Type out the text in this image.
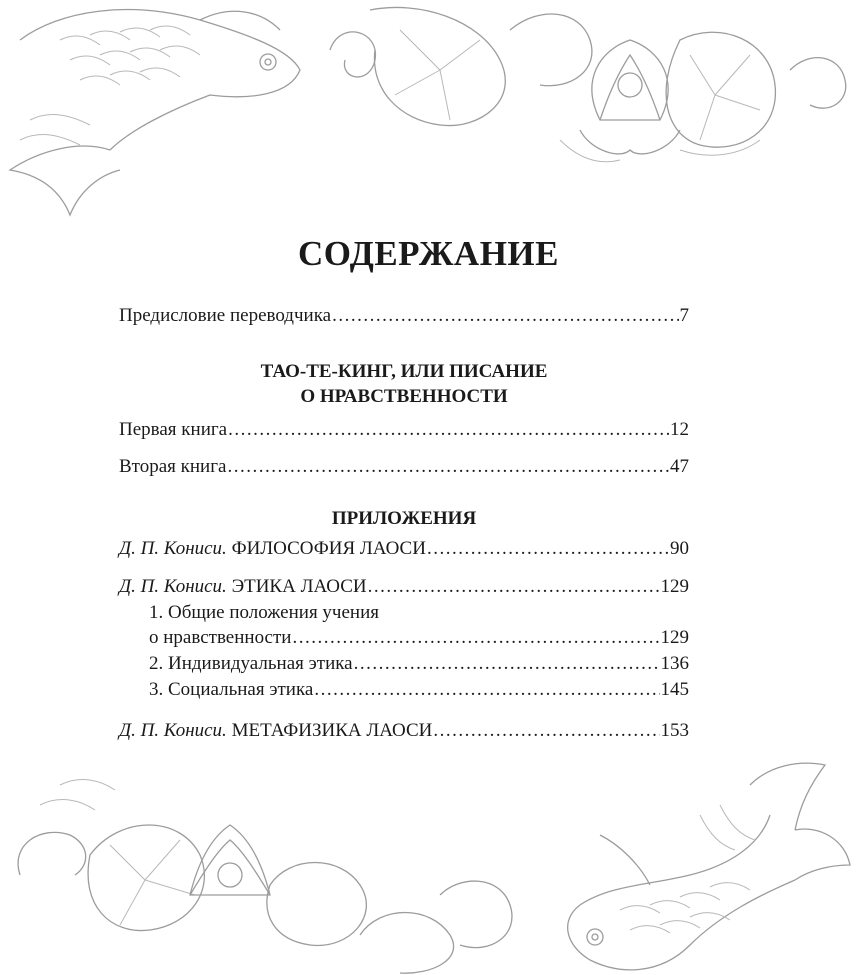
СОДЕРЖАНИЕ
Предисловие переводчика .....	7
ТАО-ТЕ-КИНГ, ИЛИ ПИСАНИЕ
О НРАВСТВЕННОСТИ
Первая книга .....	12
Вторая книга .....	47
ПРИЛОЖЕНИЯ
Д. П. Кониси. ФИЛОСОФИЯ ЛАОСИ .....	90
Д. П. Кониси. ЭТИКА ЛАОСИ .....	129
1. Общие положения учения
о нравственности .....	129
2. Индивидуальная этика .....	136
3. Социальная этика .....	145
Д. П. Кониси. МЕТАФИЗИКА ЛАОСИ .....	153
